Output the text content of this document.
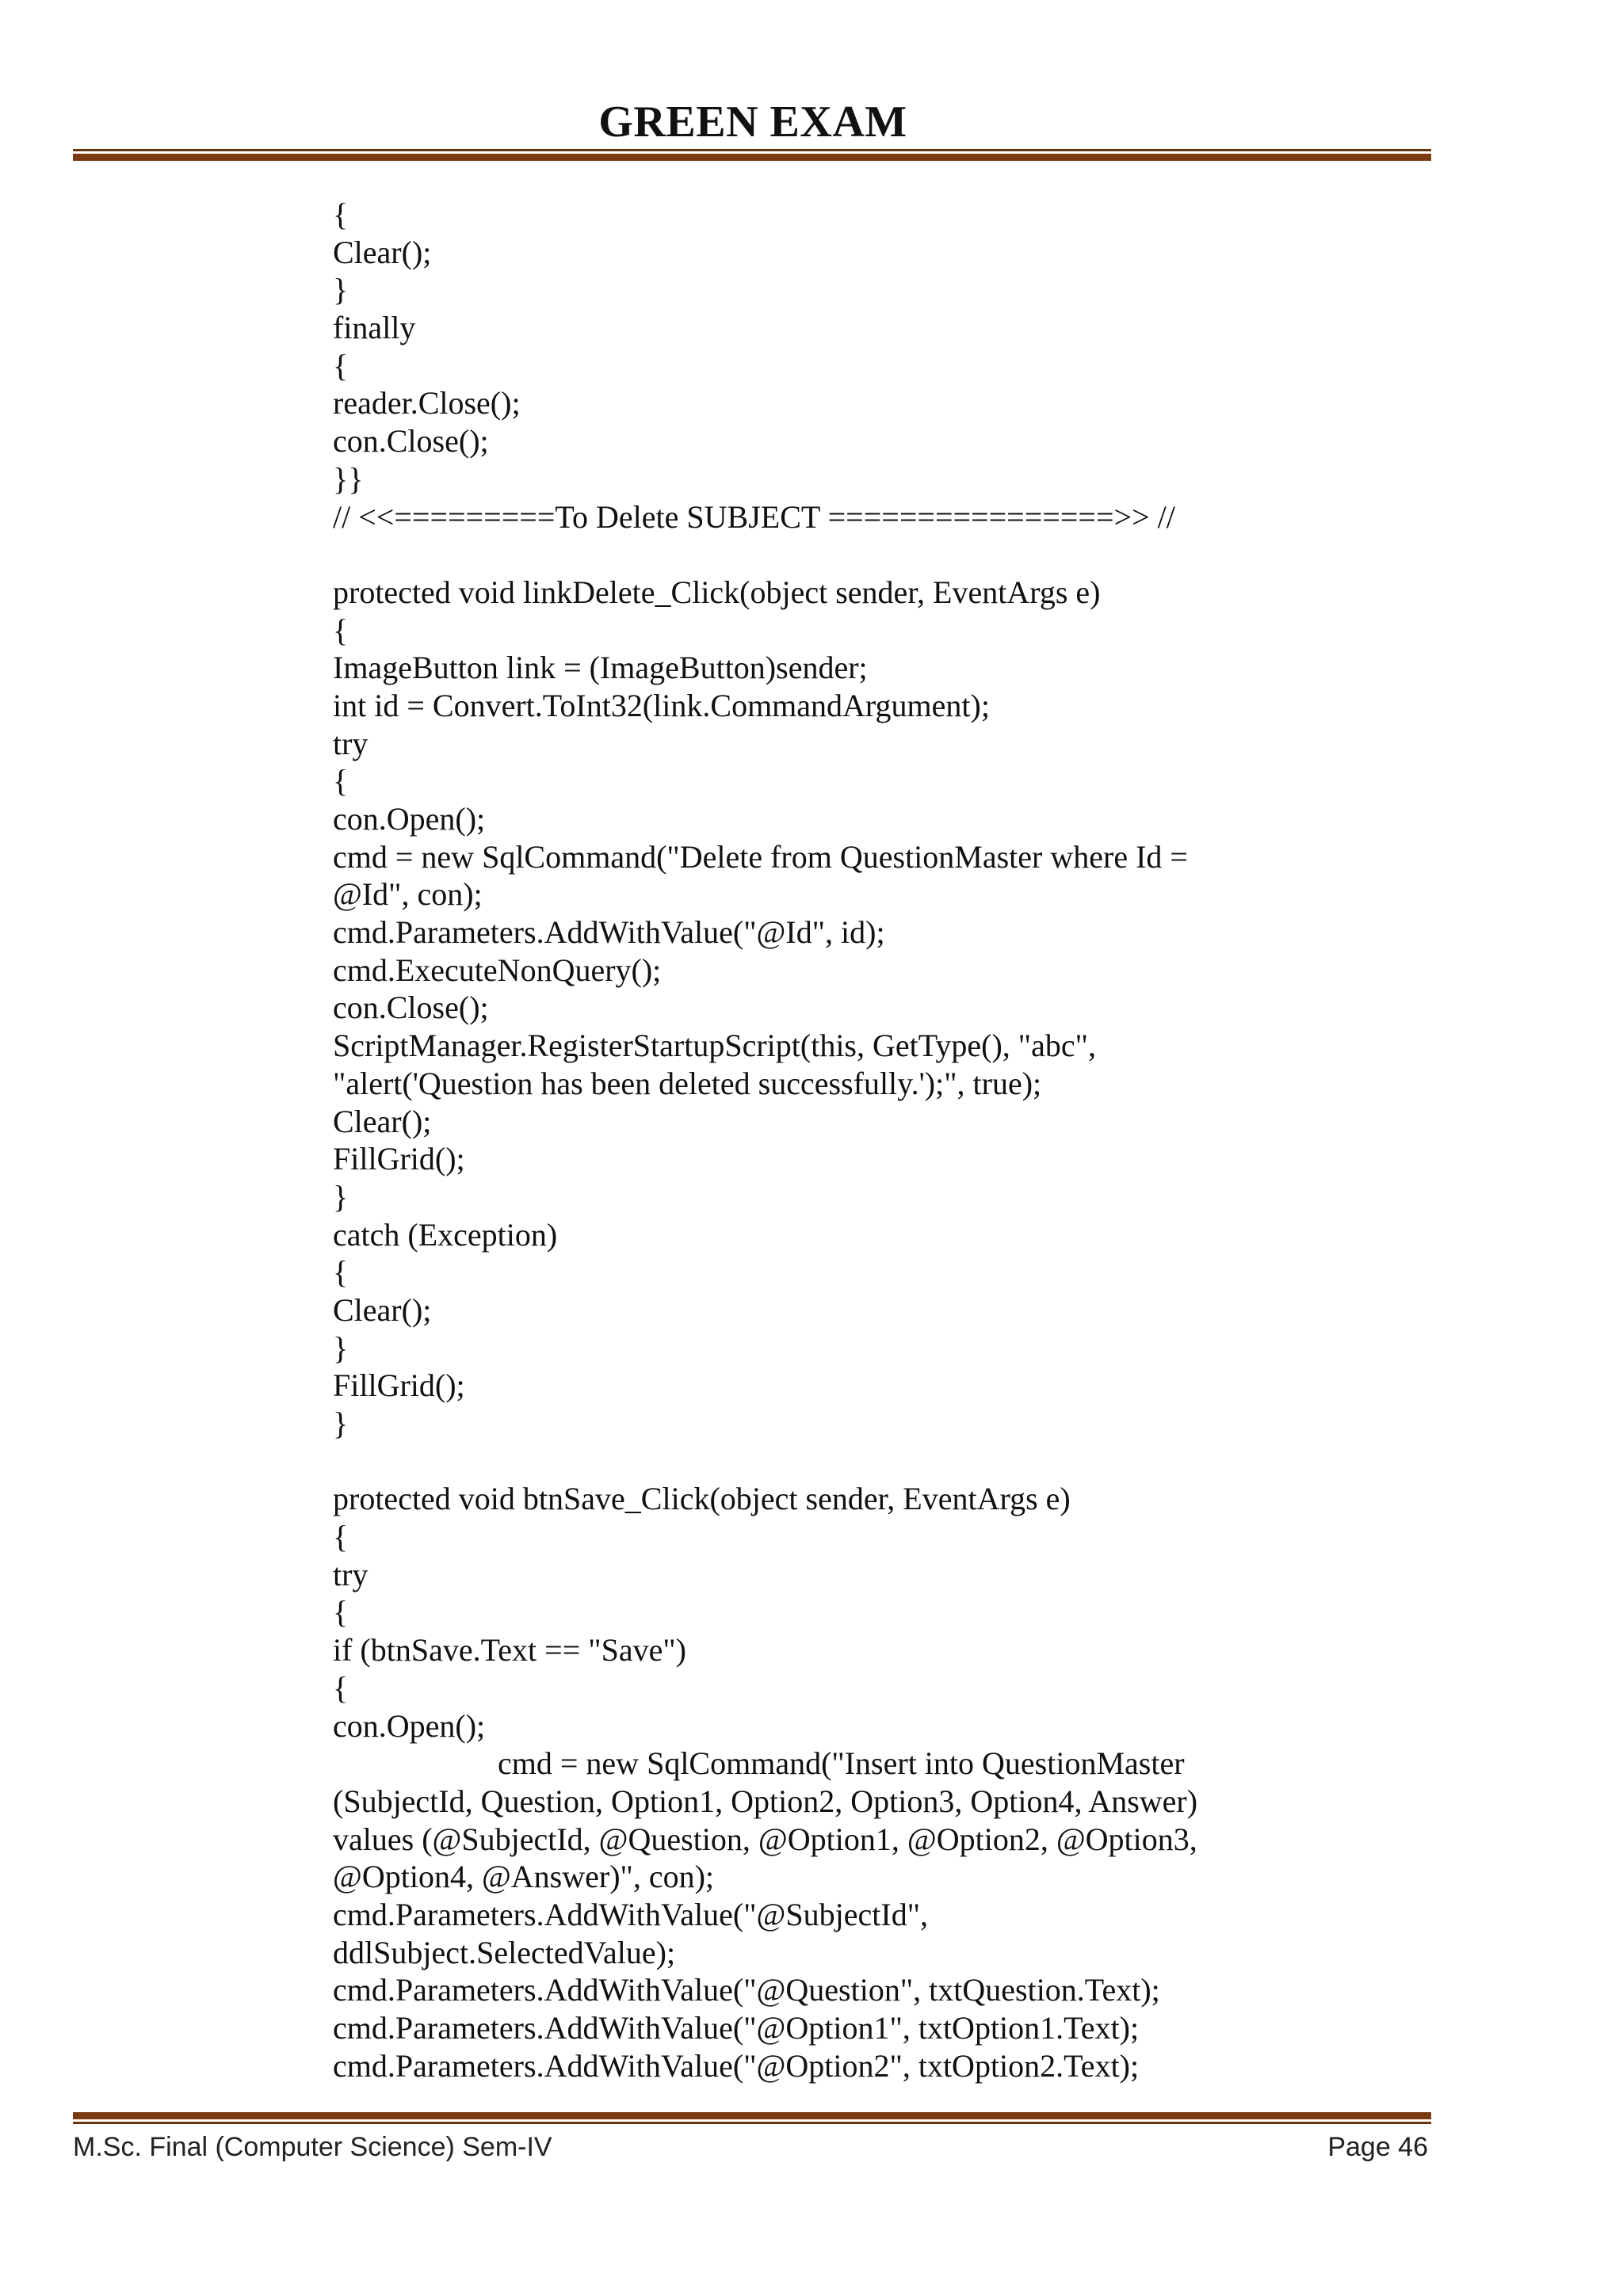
GREEN EXAM
{
Clear();
}
finally
{
reader.Close();
con.Close();
}}
// <<=========To Delete SUBJECT ================>> //
protected void linkDelete_Click(object sender, EventArgs e)
{
ImageButton link = (ImageButton)sender;
int id = Convert.ToInt32(link.CommandArgument);
try
{
con.Open();
cmd = new SqlCommand("Delete from QuestionMaster where Id =
@Id", con);
cmd.Parameters.AddWithValue("@Id", id);
cmd.ExecuteNonQuery();
con.Close();
ScriptManager.RegisterStartupScript(this, GetType(), "abc",
"alert('Question has been deleted successfully.');", true);
Clear();
FillGrid();
}
catch (Exception)
{
Clear();
}
FillGrid();
}
protected void btnSave_Click(object sender, EventArgs e)
{
try
{
if (btnSave.Text == "Save")
{
con.Open();
cmd = new SqlCommand("Insert into QuestionMaster
(SubjectId, Question, Option1, Option2, Option3, Option4, Answer)
values (@SubjectId, @Question, @Option1, @Option2, @Option3,
@Option4, @Answer)", con);
cmd.Parameters.AddWithValue("@SubjectId",
ddlSubject.SelectedValue);
cmd.Parameters.AddWithValue("@Question", txtQuestion.Text);
cmd.Parameters.AddWithValue("@Option1", txtOption1.Text);
cmd.Parameters.AddWithValue("@Option2", txtOption2.Text);
M.Sc. Final (Computer Science) Sem-IV	Page 46
